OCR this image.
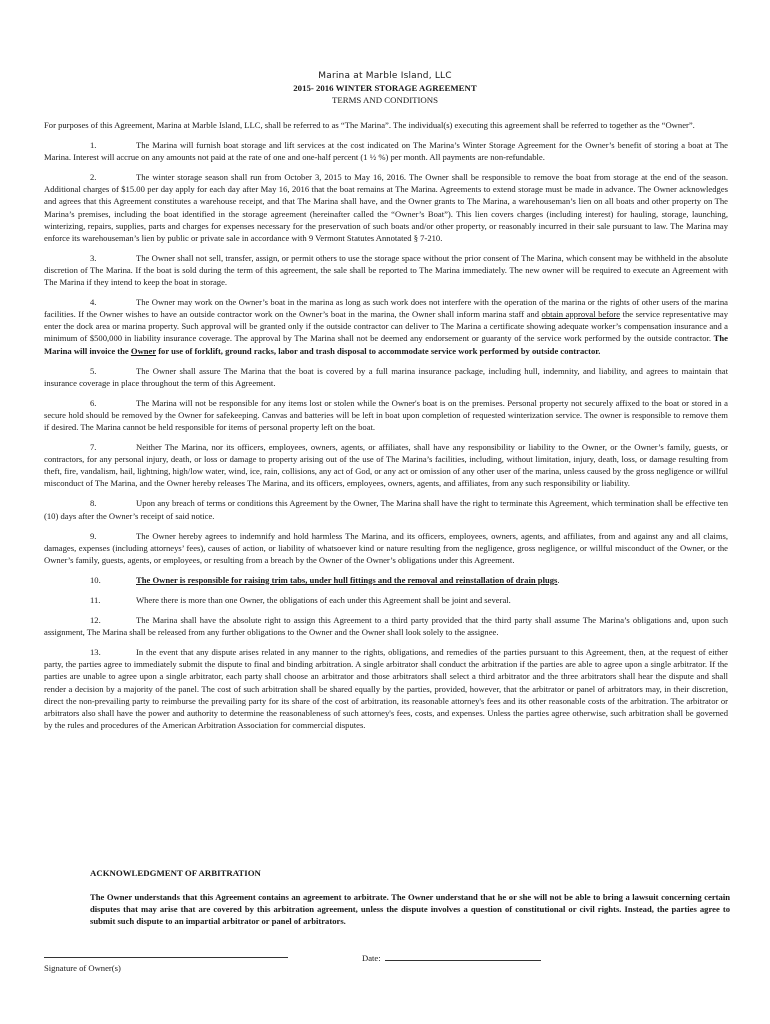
Marina at Marble Island, LLC
2015- 2016 WINTER STORAGE AGREEMENT
TERMS AND CONDITIONS

For purposes of this Agreement, Marina at Marble Island, LLC, shall be referred to as “The Marina”. The individual(s) executing this agreement shall be referred to together as the “Owner”.

1.	The Marina will furnish boat storage and lift services at the cost indicated on The Marina’s Winter Storage Agreement for the Owner’s benefit of storing a boat at The Marina. Interest will accrue on any amounts not paid at the rate of one and one-half percent (1 ½ %) per month. All payments are non-refundable.

2.	The winter storage season shall run from October 3, 2015 to May 16, 2016. The Owner shall be responsible to remove the boat from storage at the end of the season. Additional charges of $15.00 per day apply for each day after May 16, 2016 that the boat remains at The Marina. Agreements to extend storage must be made in advance. The Owner acknowledges and agrees that this Agreement constitutes a warehouse receipt, and that The Marina shall have, and the Owner grants to The Marina, a warehouseman’s lien on all boats and other property on The Marina’s premises, including the boat identified in the storage agreement (hereinafter called the “Owner’s Boat”). This lien covers charges (including interest) for hauling, storage, launching, winterizing, repairs, supplies, parts and charges for expenses necessary for the preservation of such boats and/or other property, or reasonably incurred in their sale pursuant to law. The Marina may enforce its warehouseman’s lien by public or private sale in accordance with 9 Vermont Statutes Annotated § 7-210.

3.	The Owner shall not sell, transfer, assign, or permit others to use the storage space without the prior consent of The Marina, which consent may be withheld in the absolute discretion of The Marina. If the boat is sold during the term of this agreement, the sale shall be reported to The Marina immediately. The new owner will be required to execute an Agreement with The Marina if they intend to keep the boat in storage.

4.	The Owner may work on the Owner’s boat in the marina as long as such work does not interfere with the operation of the marina or the rights of other users of the marina facilities. If the Owner wishes to have an outside contractor work on the Owner’s boat in the marina, the Owner shall inform marina staff and obtain approval before the service representative may enter the dock area or marina property. Such approval will be granted only if the outside contractor can deliver to The Marina a certificate showing adequate worker’s compensation insurance and a minimum of $500,000 in liability insurance coverage. The approval by The Marina shall not be deemed any endorsement or guaranty of the service work performed by the outside contractor. The Marina will invoice the Owner for use of forklift, ground racks, labor and trash disposal to accommodate service work performed by outside contractor.

5.	The Owner shall assure The Marina that the boat is covered by a full marina insurance package, including hull, indemnity, and liability, and agrees to maintain that insurance coverage in place throughout the term of this Agreement.

6.	The Marina will not be responsible for any items lost or stolen while the Owner's boat is on the premises. Personal property not securely affixed to the boat or stored in a secure hold should be removed by the Owner for safekeeping. Canvas and batteries will be left in boat upon completion of requested winterization service. The owner is responsible to remove them if desired. The Marina cannot be held responsible for items of personal property left on the boat.

7.	Neither The Marina, nor its officers, employees, owners, agents, or affiliates, shall have any responsibility or liability to the Owner, or the Owner’s family, guests, or contractors, for any personal injury, death, or loss or damage to property arising out of the use of The Marina’s facilities, including, without limitation, injury, death, loss, or damage resulting from theft, fire, vandalism, hail, lightning, high/low water, wind, ice, rain, collisions, any act of God, or any act or omission of any other user of the marina, unless caused by the gross negligence or willful misconduct of The Marina, and the Owner hereby releases The Marina, and its officers, employees, owners, agents, and affiliates, from any such responsibility or liability.

8.	Upon any breach of terms or conditions this Agreement by the Owner, The Marina shall have the right to terminate this Agreement, which termination shall be effective ten (10) days after the Owner’s receipt of said notice.

9.	The Owner hereby agrees to indemnify and hold harmless The Marina, and its officers, employees, owners, agents, and affiliates, from and against any and all claims, damages, expenses (including attorneys’ fees), causes of action, or liability of whatsoever kind or nature resulting from the negligence, gross negligence, or willful misconduct of the Owner, or the Owner’s family, guests, agents, or employees, or resulting from a breach by the Owner of the Owner’s obligations under this Agreement.

10.	The Owner is responsible for raising trim tabs, under hull fittings and the removal and reinstallation of drain plugs.

11.	Where there is more than one Owner, the obligations of each under this Agreement shall be joint and several.

12.	The Marina shall have the absolute right to assign this Agreement to a third party provided that the third party shall assume The Marina’s obligations and, upon such assignment, The Marina shall be released from any further obligations to the Owner and the Owner shall look solely to the assignee.

13.	In the event that any dispute arises related in any manner to the rights, obligations, and remedies of the parties pursuant to this Agreement, then, at the request of either party, the parties agree to immediately submit the dispute to final and binding arbitration. A single arbitrator shall conduct the arbitration if the parties are able to agree upon a single arbitrator. If the parties are unable to agree upon a single arbitrator, each party shall choose an arbitrator and those arbitrators shall select a third arbitrator and the three arbitrators shall hear the dispute and shall render a decision by a majority of the panel. The cost of such arbitration shall be shared equally by the parties, provided, however, that the arbitrator or panel of arbitrators may, in their discretion, direct the non-prevailing party to reimburse the prevailing party for its share of the cost of arbitration, its reasonable attorney's fees and its other reasonable costs of the arbitration. The arbitrator or arbitrators also shall have the power and authority to determine the reasonableness of such attorney's fees, costs, and expenses. Unless the parties agree otherwise, such arbitration shall be governed by the rules and procedures of the American Arbitration Association for commercial disputes.

ACKNOWLEDGMENT OF ARBITRATION
The Owner understands that this Agreement contains an agreement to arbitrate. The Owner understand that he or she will not be able to bring a lawsuit concerning certain disputes that may arise that are covered by this arbitration agreement, unless the dispute involves a question of constitutional or civil rights. Instead, the parties agree to submit such dispute to an impartial arbitrator or panel of arbitrators.
Signature of Owner(s)
Date:
